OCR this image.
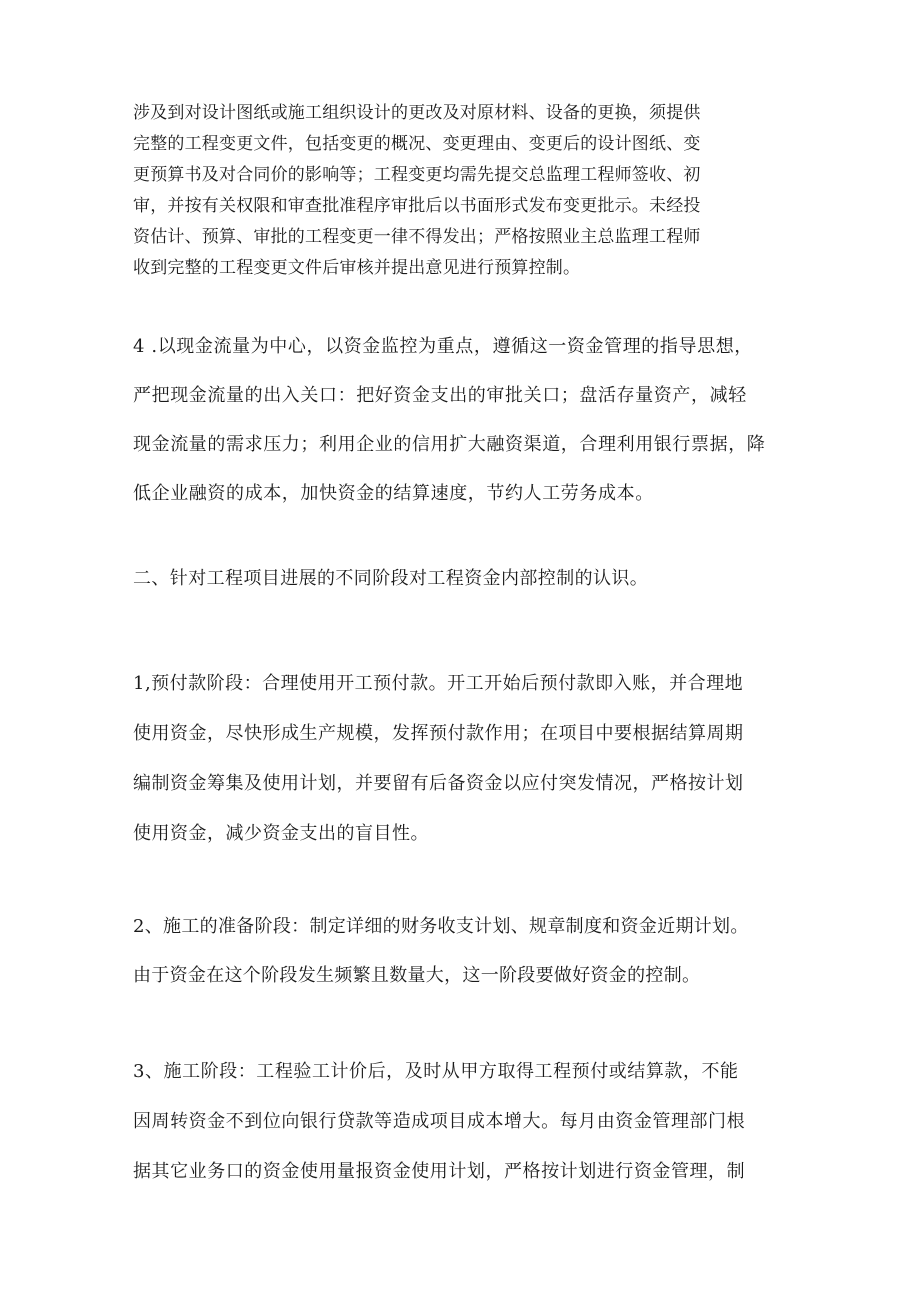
涉及到对设计图纸或施工组织设计的更改及对原材料、设备的更换，须提供
完整的工程变更文件，包括变更的概况、变更理由、变更后的设计图纸、变
更预算书及对合同价的影响等；工程变更均需先提交总监理工程师签收、初
审，并按有关权限和审查批准程序审批后以书面形式发布变更批示。未经投
资估计、预算、审批的工程变更一律不得发出；严格按照业主总监理工程师
收到完整的工程变更文件后审核并提出意见进行预算控制。

4 .以现金流量为中心，以资金监控为重点，遵循这一资金管理的指导思想，
严把现金流量的出入关口：把好资金支出的审批关口；盘活存量资产，减轻
现金流量的需求压力；利用企业的信用扩大融资渠道，合理利用银行票据，降
低企业融资的成本，加快资金的结算速度，节约人工劳务成本。

二、针对工程项目进展的不同阶段对工程资金内部控制的认识。

1,预付款阶段：合理使用开工预付款。开工开始后预付款即入账，并合理地
使用资金，尽快形成生产规模，发挥预付款作用；在项目中要根据结算周期
编制资金筹集及使用计划，并要留有后备资金以应付突发情况，严格按计划
使用资金，减少资金支出的盲目性。

2、施工的准备阶段：制定详细的财务收支计划、规章制度和资金近期计划。
由于资金在这个阶段发生频繁且数量大，这一阶段要做好资金的控制。

3、施工阶段：工程验工计价后，及时从甲方取得工程预付或结算款，不能
因周转资金不到位向银行贷款等造成项目成本增大。每月由资金管理部门根
据其它业务口的资金使用量报资金使用计划，严格按计划进行资金管理，制
